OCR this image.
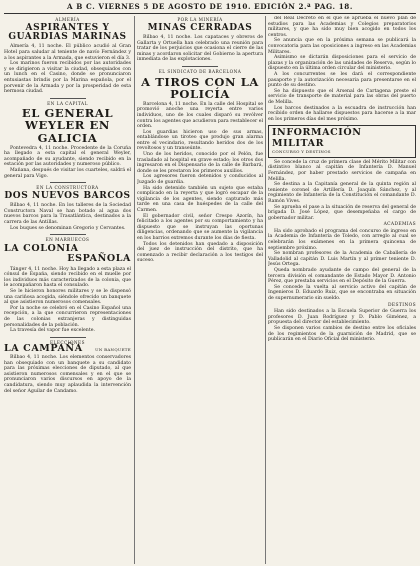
A B C. VIERNES 5 DE AGOSTO DE 1910. EDICIÓN 2.ª PAG. 18.
ALMERÍA
ASPIRANTES Y GUARDIAS MARINAS

Almería 4, 11 noche. El público acudió al Gran Hotel para saludar al teniente de navío Fernández y a los aspirantes a la Armada, que estuvieron el día 3.

Los marinos fueron recibidos por las autoridades y se dirigieron a visitar la ciudad, obsequiados con un lunch en el Casino, donde se pronunciaron entusiastas brindis por la Marina española, por el porvenir de la Armada y por la prosperidad de esta hermosa ciudad.

EN LA CAPITAL
EL GENERAL WEYLER EN GALICIA

Pontevedra 4, 11 noche. Procedente de la Coruña ha llegado a esta capital el general Weyler, acompañado de su ayudante, siendo recibido en la estación por las autoridades y numeroso público.

Mañana, después de visitar los cuarteles, saldrá el general para Vigo.

EN LA CONSTRUCTORA
DOS NUEVOS BARCOS

Bilbao 4, 11 noche. En los talleres de la Sociedad Constructora Naval se han botado al agua dos nuevos barcos para la Trasatlántica, destinados a la carrera de las Antillas.

Los buques se denominan Gregorio y Cervantes.

EN MARRUECOS
LA COLONIA
ESPAÑOLA

Tánger 4, 11 noche. Hoy ha llegado a esta plaza el cónsul de España, siendo recibido en el muelle por los individuos más caracterizados de la colonia, que le acompañaron hasta el consulado.

Se le hicieron honores militares y se le dispensó una cariñosa acogida, siéndole ofrecido un banquete al que asistieron numerosos comensales.

Por la noche se celebró en el Casino Español una recepción, a la que concurrieron representaciones de las colonias extranjeras y distinguidas personalidades de la población.

La travesía del vapor fue excelente.

ELECCIONES
LA CAMPAÑA	UN BANQUETE

Bilbao 4, 11 noche. Los elementos conservadores han obsequiado con un banquete a su candidato para las próximas elecciones de diputado, al que asistieron numerosos comensales y en el que se pronunciaron varios discursos en apoyo de la candidatura, siendo muy aplaudida la intervención del señor Aguilar de Candamo.

POR LA MINERÍA
MINAS CERRADAS

Bilbao 4, 11 noche. Los capataces y obreros de Gallarta y Ortuella han celebrado una reunión para tratar de los perjuicios que ocasiona el cierre de las minas y acordaron solicitar del Gobierno la apertura inmediata de las explotaciones.

EL SINDICATO DE BARCELONA
A TIROS CON LA POLICÍA

Barcelona 4, 11 noche. En la calle del Hospital se promovió anoche una reyerta entre varios individuos, uno de los cuales disparó su revólver contra los agentes que acudieron para restablecer el orden.

Los guardias hicieron uso de sus armas, entablándose un tiroteo que produjo gran alarma entre el vecindario, resultando heridos dos de los revoltosos y un transeúnte.

Uno de los heridos, conocido por el Pelón, fue trasladado al hospital en grave estado; los otros dos ingresaron en el Dispensario de la calle de Barbará, donde se les prestaron los primeros auxilios.

Los agresores fueron detenidos y conducidos al Juzgado de guardia.

Ha sido detenido también un sujeto que estaba complicado en la reyerta y que logró escapar de la vigilancia de los agentes, siendo capturado más tarde en una casa de huéspedes de la calle del Carmen.

El gobernador civil, señor Crespo Azorín, ha felicitado a los agentes por su comportamiento y ha dispuesto que se instruyan las oportunas diligencias, ordenando que se aumente la vigilancia en los barrios extremos durante los días de fiesta.

Todos los detenidos han quedado a disposición del juez de instrucción del distrito, que ha comenzado a recibir declaración a los testigos del suceso.

del Real Decreto en el que se aprueba el nuevo plan de estudios para las Academias y Colegios preparatorios militares, y que ha sido muy bien acogido en todos los centros.

Se anuncia que en la próxima semana se publicará la convocatoria para las oposiciones a ingreso en las Academias Militares.

Asimismo se dictarán disposiciones para el servicio de plazas y la organización de las unidades de Reserva, según lo dispuesto en la última orden circular del ministerio.

A los concurrentes se les dará el correspondiente pasaporte y la autorización necesaria para presentarse en el punto de su destino.

Se ha dispuesto que el Arsenal de Cartagena preste el servicio de transporte de material para las obras del puerto de Melilla.

Los barcos destinados a la escuadra de instrucción han recibido orden de hallarse dispuestos para hacerse a la mar en los primeros días del mes próximo.

INFORMACIÓN MILITAR
CONCURSO Y DESTINOS

Se concede la cruz de primera clase del Mérito Militar con distintivo blanco al capitán de Infantería D. Manuel Fernández, por haber prestado servicios de campaña en Melilla.

Se destina a la Capitanía general de la quinta región al teniente coronel de Artillería D. Joaquín Sánchez, y al regimiento de Infantería de la Constitución el comandante D. Ramón Vives.

Se aprueba el pase a la situación de reserva del general de brigada D. José López, que desempeñaba el cargo de gobernador militar.

ACADEMIAS

Ha sido aprobado el programa del concurso de ingreso en la Academia de Infantería de Toledo, con arreglo al cual se celebrarán los exámenes en la primera quincena de septiembre próximo.

Se nombran profesores de la Academia de Caballería de Valladolid al capitán D. Luis Martín y al primer teniente D. Jesús Ortega.

Queda nombrado ayudante de campo del general de la tercera división el comandante de Estado Mayor D. Antonio Pérez, que prestaba servicios en el Depósito de la Guerra.

Se concede la vuelta al servicio activo del capitán de Ingenieros D. Eduardo Ruiz, que se encontraba en situación de supernumerario sin sueldo.

DESTINOS

Han sido destinados a la Escuela Superior de Guerra los profesores D. Juan Rodríguez y D. Pablo Giménez, a propuesta del director del establecimiento.

Se disponen varios cambios de destino entre los oficiales de los regimientos de la guarnición de Madrid, que se publicarán en el Diario Oficial del ministerio.
